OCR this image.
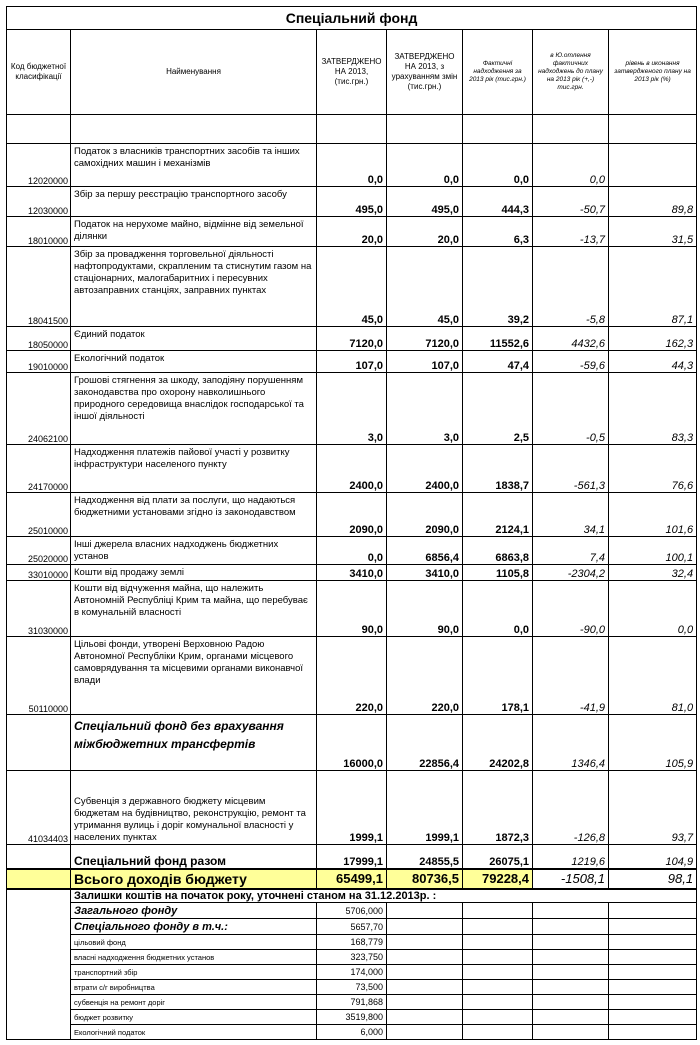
Спеціальний фонд						
Код бюджетної класифікації	Найменування	ЗАТВЕРДЖЕНО НА 2013, (тис.грн.)	ЗАТВЕРДЖЕНО НА 2013, з урахуванням змін (тис.грн.)	Фактичні надходження за 2013 рік (тис.грн.)	в Ю.отлення фактичних надходжень до плану на 2013 рік (+,-) тис.грн.	рівень в иконання затвердженого плану на 2013 рік (%)

12020000	Податок з власників транспортних засобів та інших самохідних машин і механізмів	0,0	0,0	0,0	0,0	
12030000	Збір за першу реєстрацію транспортного засобу	495,0	495,0	444,3	-50,7	89,8
18010000	Податок на нерухоме майно, відмінне від земельної ділянки	20,0	20,0	6,3	-13,7	31,5
18041500	Збір за провадження торговельної діяльності нафтопродуктами, скрапленим та стиснутим газом на стаціонарних, малогабаритних і пересувних автозаправних станціях, заправних пунктах	45,0	45,0	39,2	-5,8	87,1
18050000	Єдиний податок	7120,0	7120,0	11552,6	4432,6	162,3
19010000	Екологічний податок	107,0	107,0	47,4	-59,6	44,3
24062100	Грошові стягнення за шкоду, заподіяну порушенням законодавства про охорону навколишнього природного середовища внаслідок господарської та іншої діяльності	3,0	3,0	2,5	-0,5	83,3
24170000	Надходження платежів пайової участі у розвитку інфраструктури населеного пункту	2400,0	2400,0	1838,7	-561,3	76,6
25010000	Надходження від плати за послуги, що надаються бюджетними установами згідно із законодавством	2090,0	2090,0	2124,1	34,1	101,6
25020000	Інші джерела власних надходжень бюджетних установ	0,0	6856,4	6863,8	7,4	100,1
33010000	Кошти від продажу землі	3410,0	3410,0	1105,8	-2304,2	32,4
31030000	Кошти від відчуження майна, що належить Автономній Республіці Крим та майна, що перебуває в комунальній власності	90,0	90,0	0,0	-90,0	0,0
50110000	Цільові фонди, утворені Верховною Радою Автономної Республіки Крим, органами місцевого самоврядування та місцевими органами виконавчої влади	220,0	220,0	178,1	-41,9	81,0
	Спеціальний фонд без врахування міжбюджетних трансфертів	16000,0	22856,4	24202,8	1346,4	105,9
41034403	Субвенція з державного бюджету місцевим бюджетам на будівництво, реконструкцію, ремонт та утримання вулиць і доріг комунальної власності у населених пунктах	1999,1	1999,1	1872,3	-126,8	93,7
	Спеціальний фонд разом	17999,1	24855,5	26075,1	1219,6	104,9
	Всього доходів бюджету	65499,1	80736,5	79228,4	-1508,1	98,1
	Залишки коштів на початок року, уточнені станом на 31.12.2013р. :					
	Загального фонду	5706,000				
	Спеціального фонду в т.ч.:	5657,70				
	цільовий фонд	168,779				
	власні надходження бюджетних установ	323,750				
	транспортний збір	174,000				
	втрати с/г виробництва	73,500				
	субвенція на ремонт доріг	791,868				
	бюджет розвитку	3519,800				
	Екологічний податок	6,000				
